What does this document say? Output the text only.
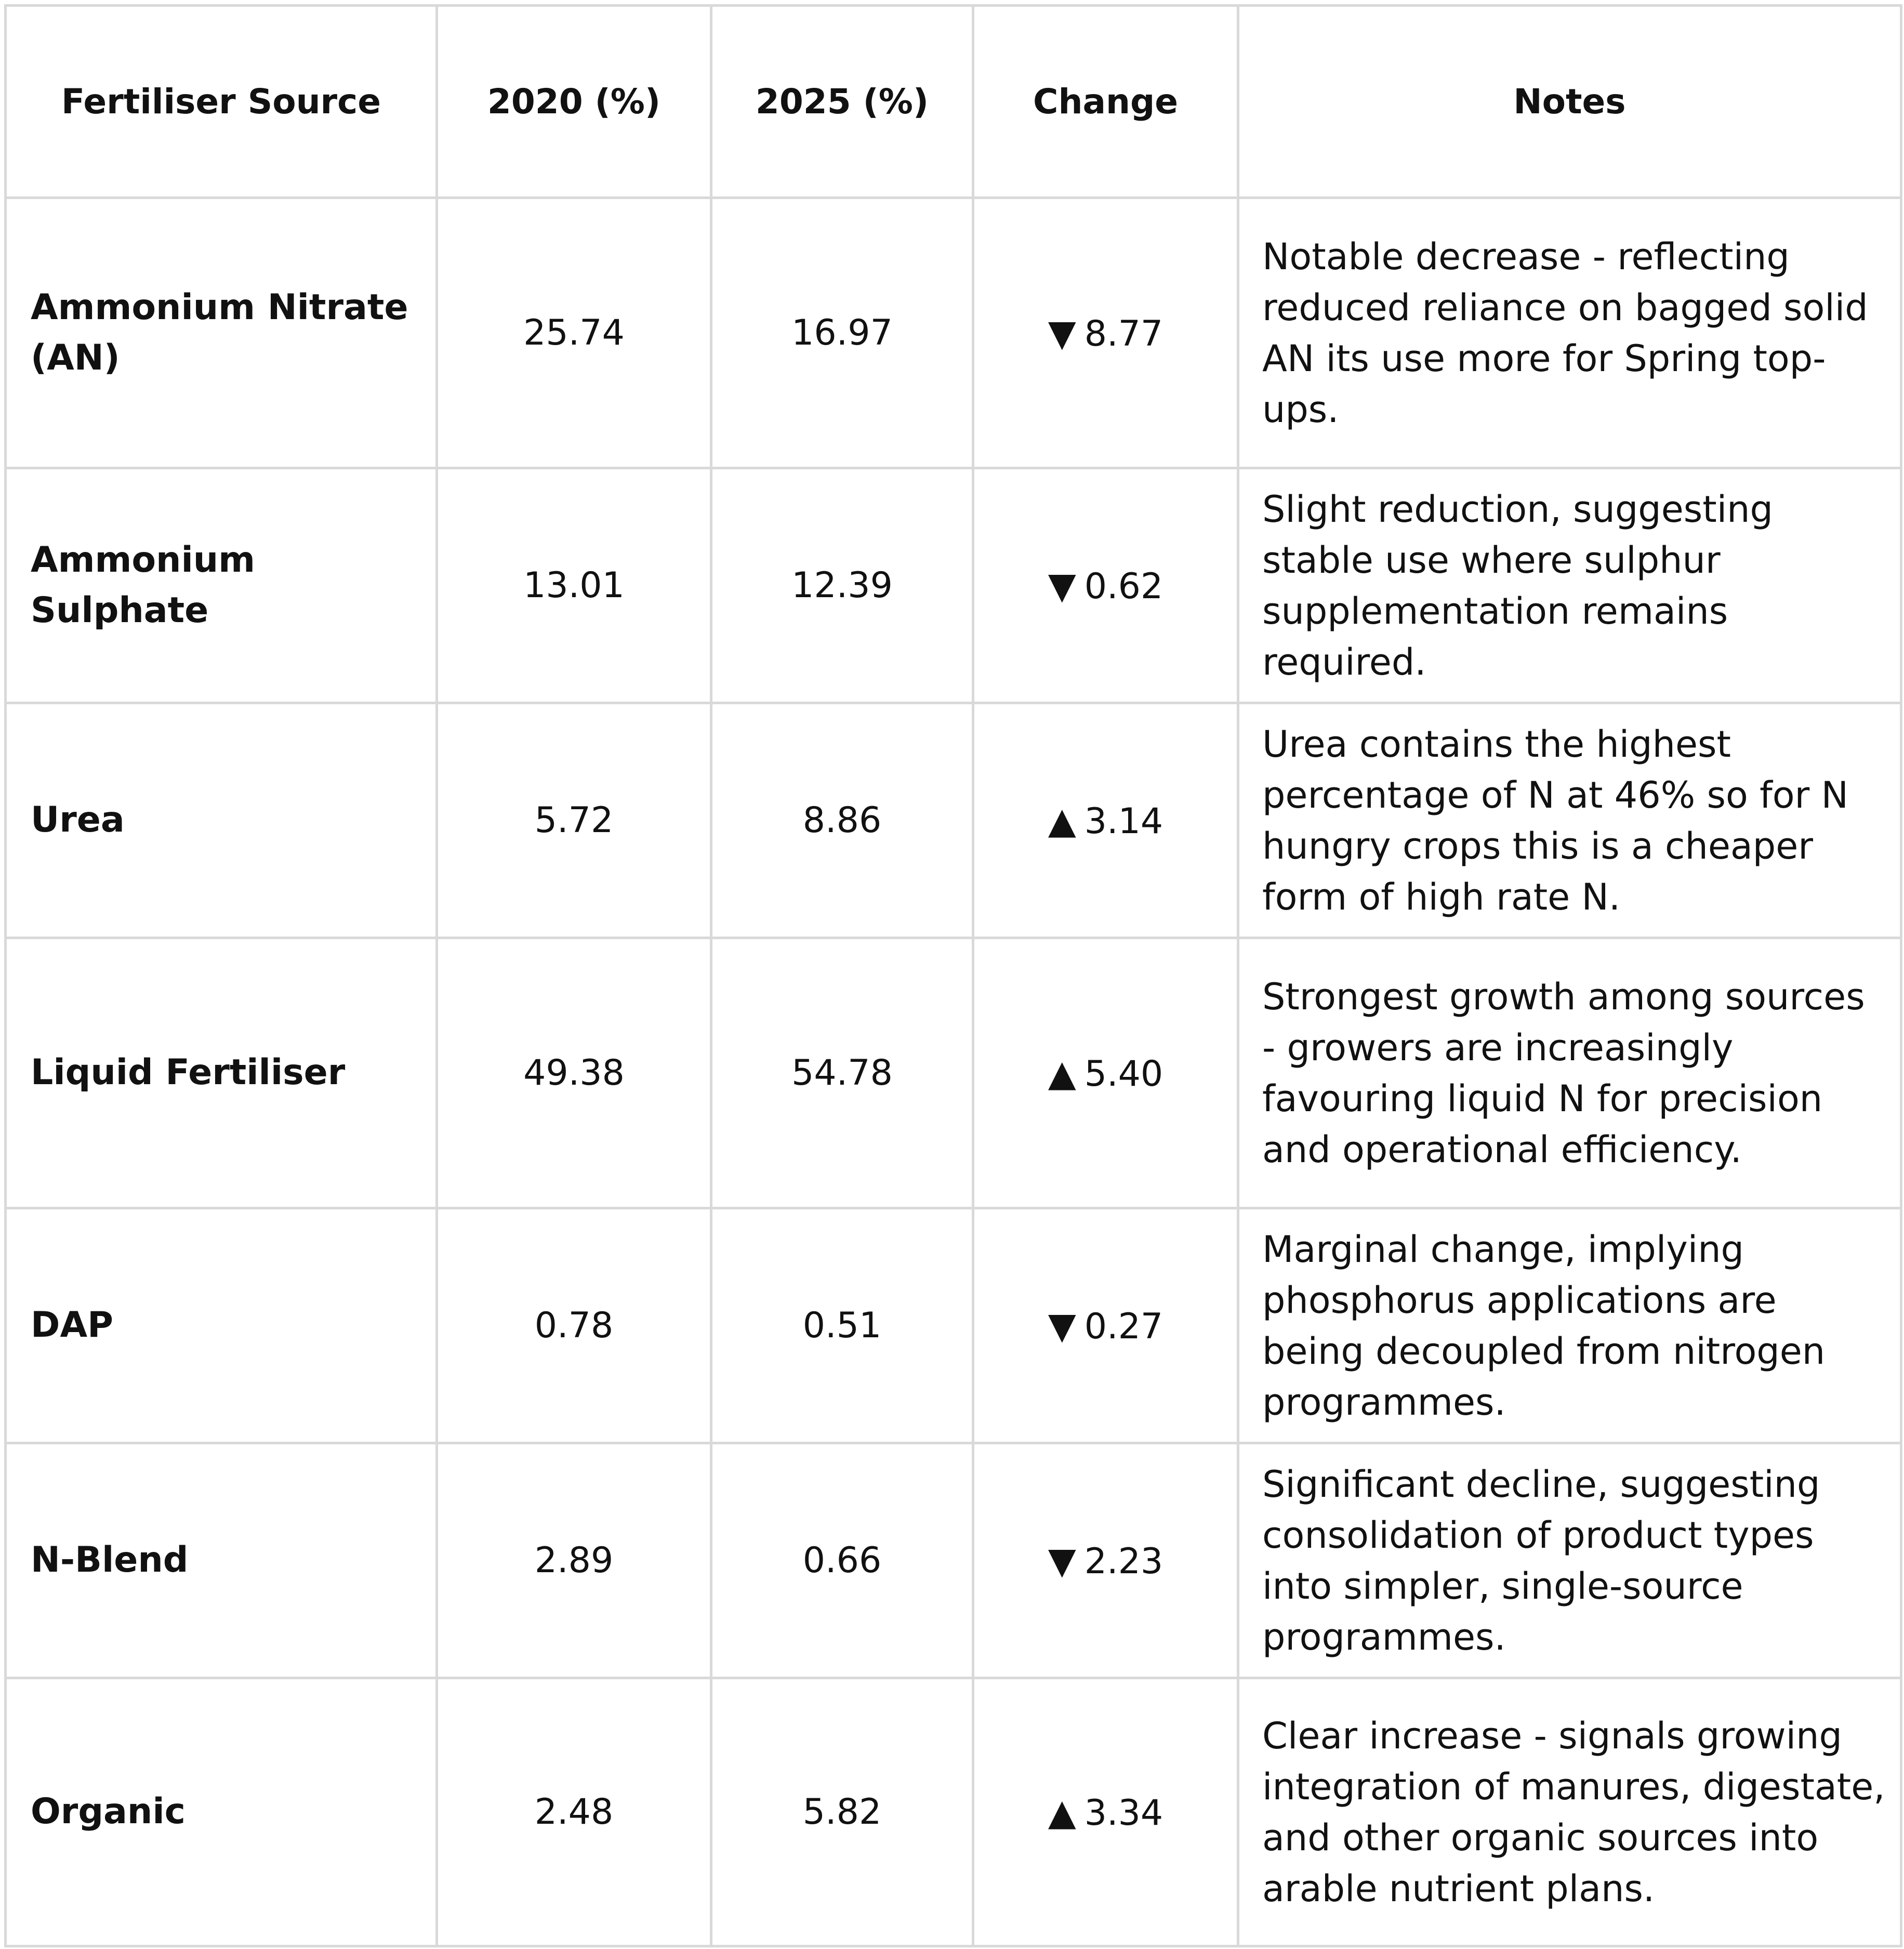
Fertiliser Source	2020 (%)	2025 (%)	Change	Notes
Ammonium Nitrate (AN)	25.74	16.97	▼ 8.77	Notable decrease - reflecting reduced reliance on bagged solid AN its use more for Spring top-ups.
Ammonium Sulphate	13.01	12.39	▼ 0.62	Slight reduction, suggesting stable use where sulphur supplementation remains required.
Urea	5.72	8.86	▲ 3.14	Urea contains the highest percentage of N at 46% so for N hungry crops this is a cheaper form of high rate N.
Liquid Fertiliser	49.38	54.78	▲ 5.40	Strongest growth among sources - growers are increasingly favouring liquid N for precision and operational efficiency.
DAP	0.78	0.51	▼ 0.27	Marginal change, implying phosphorus applications are being decoupled from nitrogen programmes.
N-Blend	2.89	0.66	▼ 2.23	Significant decline, suggesting consolidation of product types into simpler, single-source programmes.
Organic	2.48	5.82	▲ 3.34	Clear increase - signals growing integration of manures, digestate, and other organic sources into arable nutrient plans.
